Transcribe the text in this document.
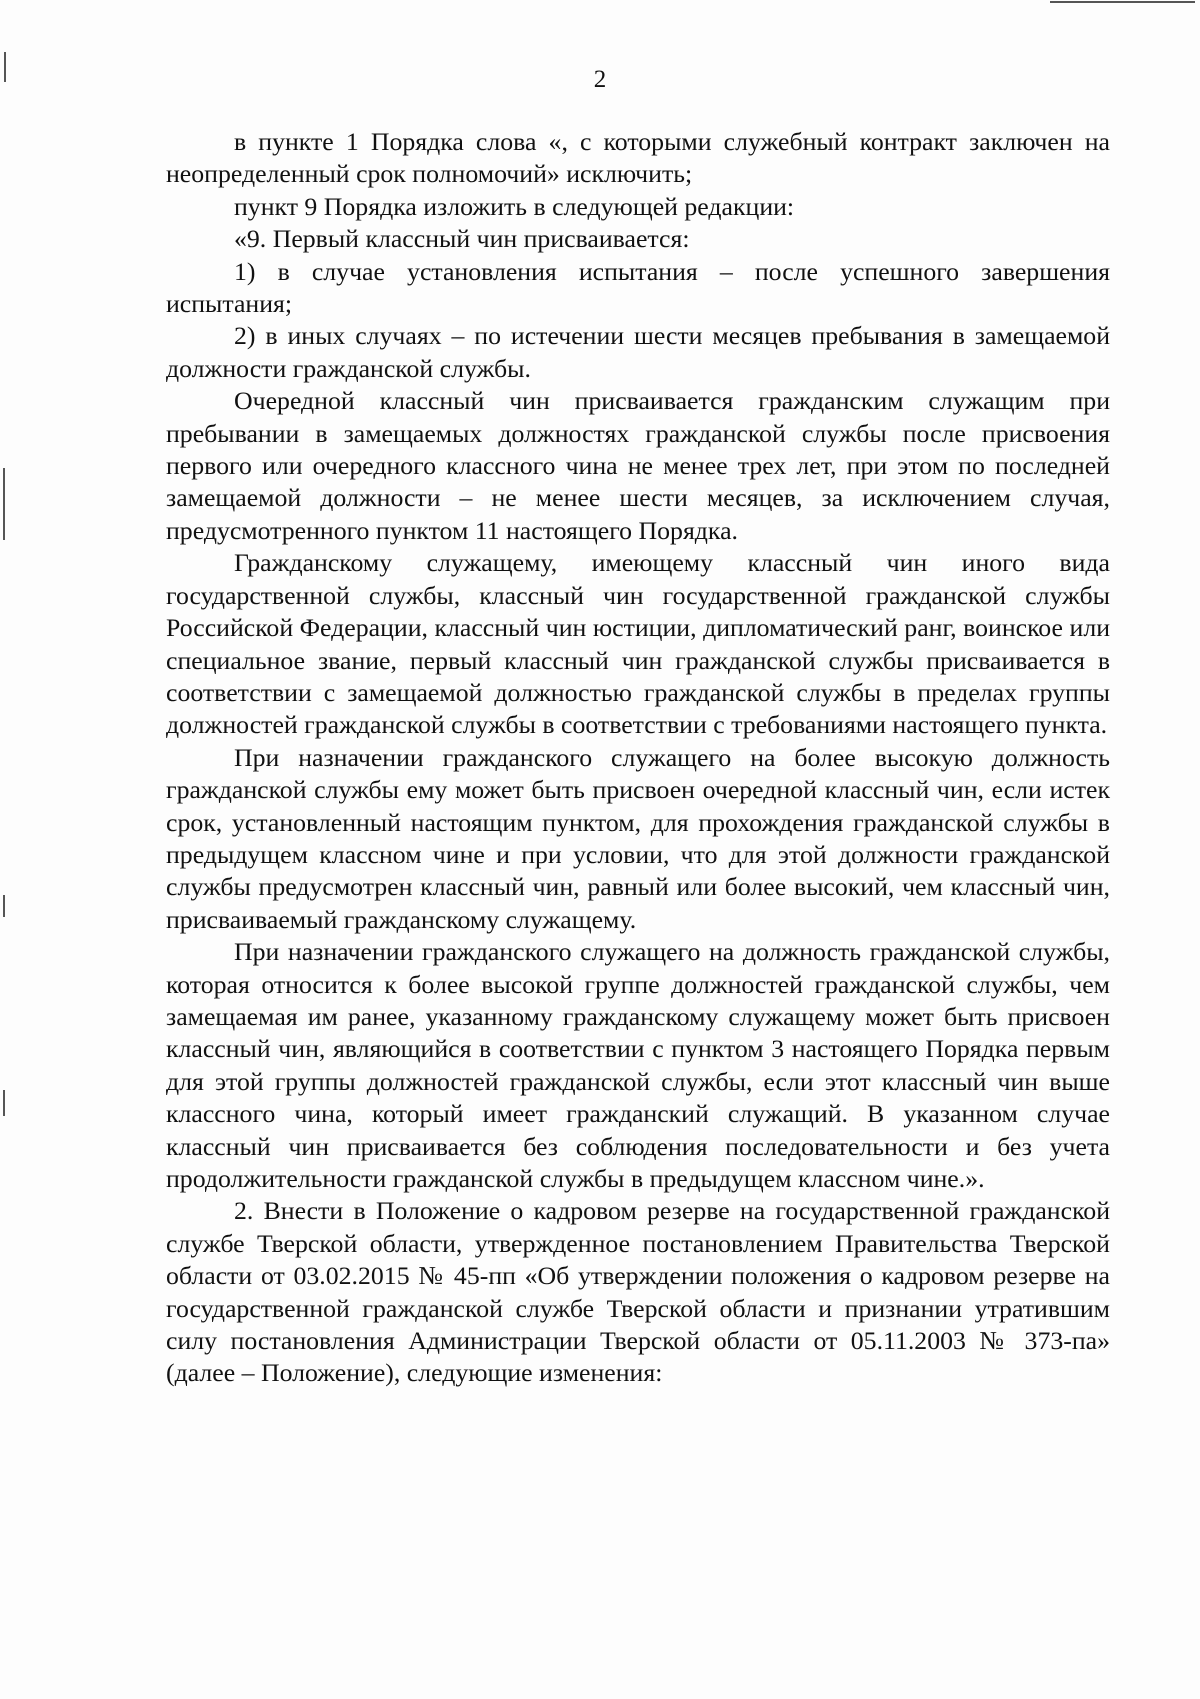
2

в пункте 1 Порядка слова «, с которыми служебный контракт заключен на неопределенный срок полномочий» исключить;

пункт 9 Порядка изложить в следующей редакции:

«9. Первый классный чин присваивается:

1) в случае установления испытания – после успешного завершения испытания;

2) в иных случаях – по истечении шести месяцев пребывания в замещаемой должности гражданской службы.

Очередной классный чин присваивается гражданским служащим при пребывании в замещаемых должностях гражданской службы после присвоения первого или очередного классного чина не менее трех лет, при этом по последней замещаемой должности – не менее шести месяцев, за исключением случая, предусмотренного пунктом 11 настоящего Порядка.

Гражданскому служащему, имеющему классный чин иного вида государственной службы, классный чин государственной гражданской службы Российской Федерации, классный чин юстиции, дипломатический ранг, воинское или специальное звание, первый классный чин гражданской службы присваивается в соответствии с замещаемой должностью гражданской службы в пределах группы должностей гражданской службы в соответствии с требованиями настоящего пункта.

При назначении гражданского служащего на более высокую должность гражданской службы ему может быть присвоен очередной классный чин, если истек срок, установленный настоящим пунктом, для прохождения гражданской службы в предыдущем классном чине и при условии, что для этой должности гражданской службы предусмотрен классный чин, равный или более высокий, чем классный чин, присваиваемый гражданскому служащему.

При назначении гражданского служащего на должность гражданской службы, которая относится к более высокой группе должностей гражданской службы, чем замещаемая им ранее, указанному гражданскому служащему может быть присвоен классный чин, являющийся в соответствии с пунктом 3 настоящего Порядка первым для этой группы должностей гражданской службы, если этот классный чин выше классного чина, который имеет гражданский служащий. В указанном случае классный чин присваивается без соблюдения последовательности и без учета продолжительности гражданской службы в предыдущем классном чине.».

2. Внести в Положение о кадровом резерве на государственной гражданской службе Тверской области, утвержденное постановлением Правительства Тверской области от 03.02.2015 № 45-пп «Об утверждении положения о кадровом резерве на государственной гражданской службе Тверской области и признании утратившим силу постановления Администрации Тверской области от 05.11.2003 № 373-па» (далее – Положение), следующие изменения:
